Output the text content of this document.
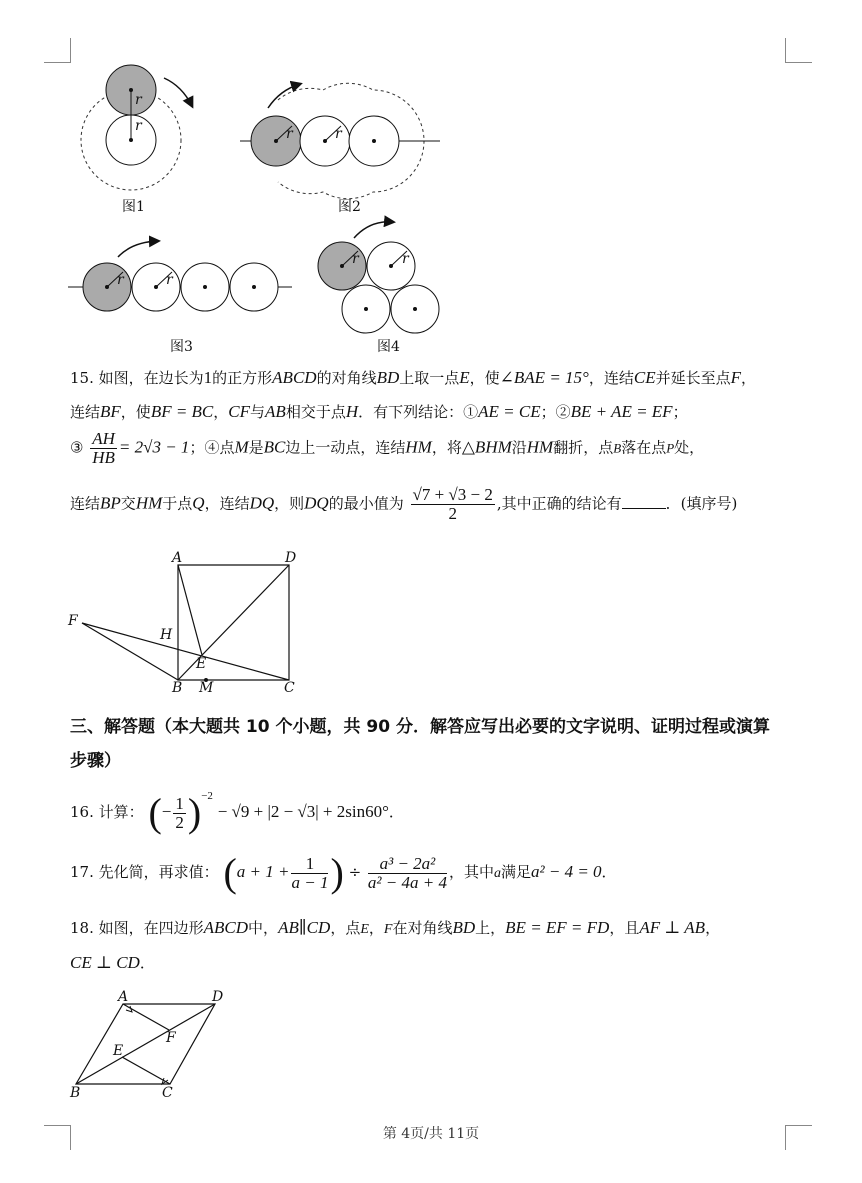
r
r	r	r
r	r
r	r
图1	图2
图3	图4
15. 如图，在边长为1的正方形ABCD的对角线BD上取一点E，使∠BAE = 15°，连结CE并延长至点F，
连结BF，使BF = BC，CF与AB相交于点H．有下列结论：①AE = CE；②BE + AE = EF；
③ $\frac{AH}{HB} = 2√3 - 1$；④点M是BC边上一动点，连结HM，将△BHM沿HM翻折，点B落在点P处，
连结BP交HM于点Q，连结DQ，则DQ的最小值为 $\frac{√7 + √3 - 2}{2}$ ,其中正确的结论有	．(填序号)
A	D
F
H
E
B M	C
三、解答题（本大题共 10 个小题，共 90 分．解答应写出必要的文字说明、证明过程或演算
步骤）
16. 计算： (− $\frac{1}{2} )^{-2} - √9 + |2 - √3| + 2\sin 60^\circ$．
17. 先化简，再求值： ($a + 1 + \frac{1}{a - 1}$ ) ÷ $\frac{\text{a³ − 2a²}}{\text{a² − 4a + 4}}$ ，其中a满足a² − 4 = 0．
18. 如图，在四边形ABCD中，AB∥CD，点E，F在对角线BD上，BE = EF = FD，且AF ⊥ AB，
CE ⊥ CD．
A	D
F
E
B	C
第 4页/共 11页
